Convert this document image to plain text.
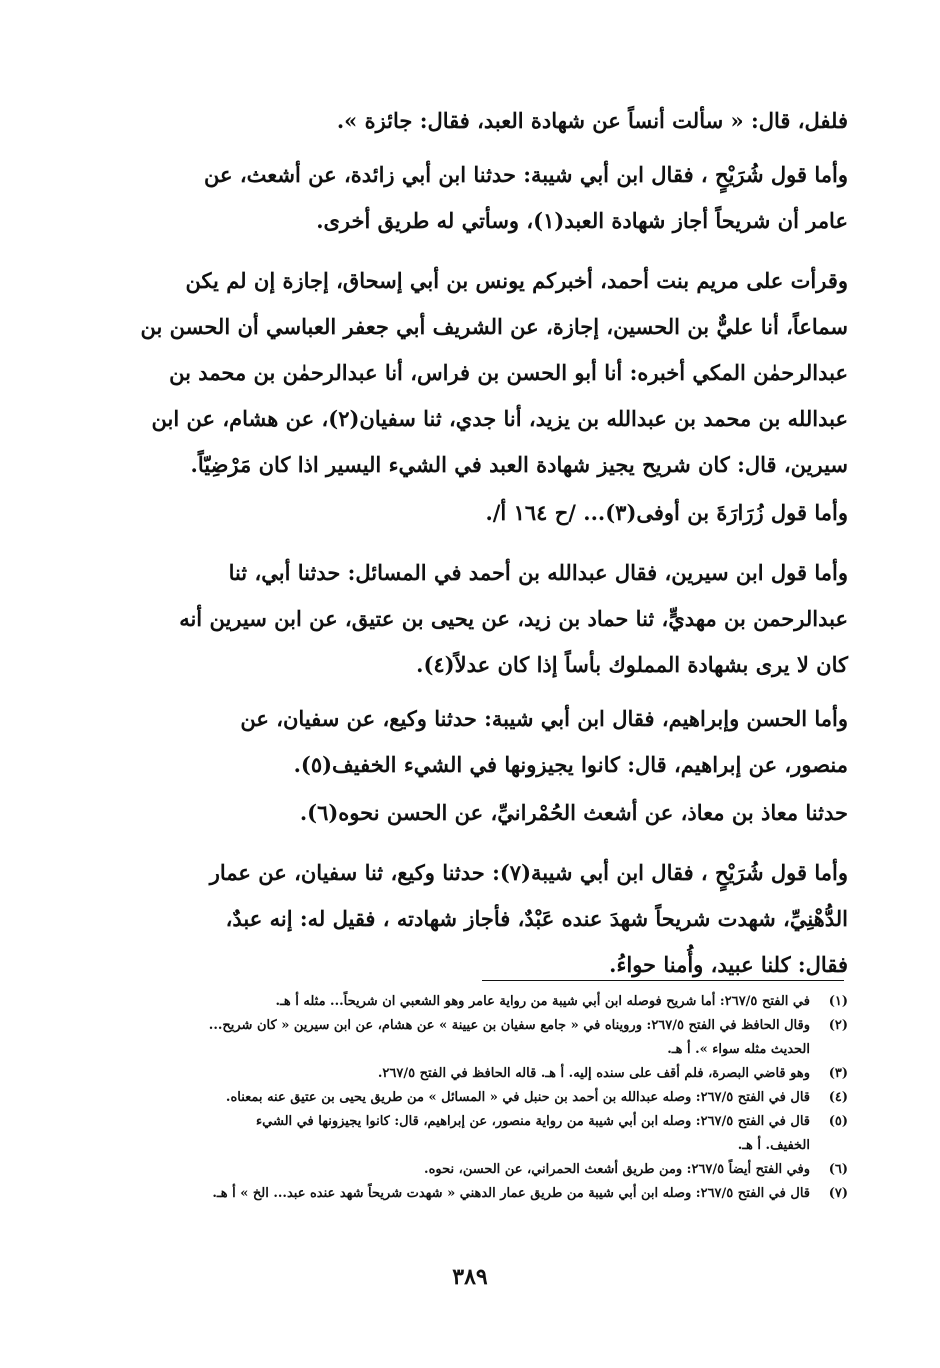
فلفل، قال: « سألت أنساً عن شهادة العبد، فقال: جائزة ».

وأما قول شُرَيْحٍ ، فقال ابن أبي شيبة: حدثنا ابن أبي زائدة، عن أشعث، عن

عامر أن شريحاً أجاز شهادة العبد(١)، وسأتي له طريق أخرى.

وقرأت على مريم بنت أحمد، أخبركم يونس بن أبي إسحاق، إجازة إن لم يكن

سماعاً، أنا عليٌّ بن الحسين، إجازة، عن الشريف أبي جعفر العباسي أن الحسن بن

عبدالرحمٰن المكي أخبره: أنا أبو الحسن بن فراس، أنا عبدالرحمٰن بن محمد بن

عبدالله بن محمد بن عبدالله بن يزيد، أنا جدي، ثنا سفيان(٢)، عن هشام، عن ابن

سيرين، قال: كان شريح يجيز شهادة العبد في الشيء اليسير اذا كان مَرْضِيّاً.

وأما قول زُرَارَةَ بن أوفى(٣)... /ح ١٦٤ أ/.

وأما قول ابن سيرين، فقال عبدالله بن أحمد في المسائل: حدثنا أبي، ثنا

عبدالرحمن بن مهديٍّ، ثنا حماد بن زيد، عن يحيى بن عتيق، عن ابن سيرين أنه

كان لا يرى بشهادة المملوك بأساً إذا كان عدلاً(٤).

وأما الحسن وإبراهيم، فقال ابن أبي شيبة: حدثنا وكيع، عن سفيان، عن

منصور، عن إبراهيم، قال: كانوا يجيزونها في الشيء الخفيف(٥).

حدثنا معاذ بن معاذ، عن أشعث الحُمْرانيِّ، عن الحسن نحوه(٦).

وأما قول شُرَيْحٍ ، فقال ابن أبي شيبة(٧): حدثنا وكيع، ثنا سفيان، عن عمار

الدُّهْنِيِّ، شهدت شريحاً شهدَ عنده عَبْدٌ، فأجاز شهادته ، فقيل له: إنه عبدٌ،

فقال: كلنا عبيد، وأُمنا حواءُ.

(١)
في الفتح ٢٦٧/٥: أما شريح فوصله ابن أبي شيبة من رواية عامر وهو الشعبي ان شريحاً... مثله أ هـ.
(٢)
وقال الحافظ في الفتح ٢٦٧/٥: ورويناه في « جامع سفيان بن عيينة » عن هشام، عن ابن سيرين « كان شريح...
الحديث مثله سواء ». أ هـ.
(٣)
وهو قاضي البصرة، فلم أقف على سنده إليه. أ هـ. قاله الحافظ في الفتح ٢٦٧/٥.
(٤)
قال في الفتح ٢٦٧/٥: وصله عبدالله بن أحمد بن حنبل في « المسائل » من طريق يحيى بن عتيق عنه بمعناه.
(٥)
قال في الفتح ٢٦٧/٥: وصله ابن أبي شيبة من رواية منصور، عن إبراهيم، قال: كانوا يجيزونها في الشيء
الخفيف. أ هـ.
(٦)
وفي الفتح أيضاً ٢٦٧/٥: ومن طريق أشعث الحمراني، عن الحسن، نحوه.
(٧)
قال في الفتح ٢٦٧/٥: وصله ابن أبي شيبة من طريق عمار الدهني « شهدت شريحاً شهد عنده عبد... الخ » أ هـ.
٣٨٩
